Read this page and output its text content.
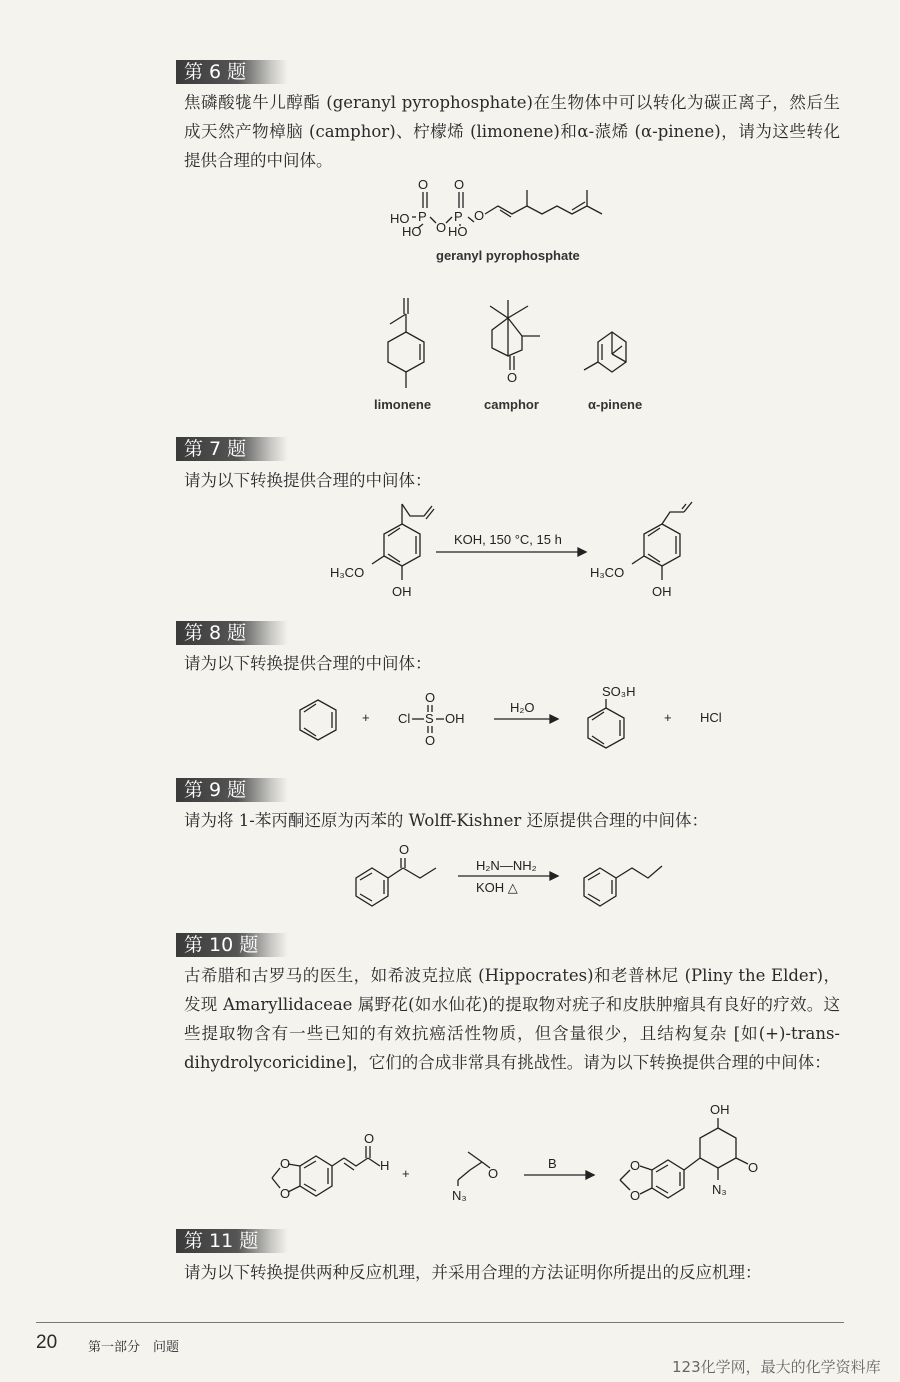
第 6 题
焦磷酸牻牛儿醇酯 (geranyl pyrophosphate)在生物体中可以转化为碳正离子，然后生成天然产物樟脑 (camphor)、柠檬烯 (limonene)和α-蒎烯 (α-pinene)，请为这些转化提供合理的中间体。
O
P
HO
HO O
O
P
HO
O
geranyl pyrophosphate
limonene
O
camphor	α-pinene
第 7 题
请为以下转换提供合理的中间体：
H₃CO
OH
KOH, 150 °C, 15 h
H₃CO
OH
第 8 题
请为以下转换提供合理的中间体：
+
O
Cl S OH
O
H₂O
SO₃H
+ HCl
第 9 题
请为将 1-苯丙酮还原为丙苯的 Wolff-Kishner 还原提供合理的中间体：
O
H₂N—NH₂
KOH △
第 10 题
古希腊和古罗马的医生，如希波克拉底 (Hippocrates)和老普林尼 (Pliny the Elder)，发现 Amaryllidaceae 属野花(如水仙花)的提取物对疣子和皮肤肿瘤具有良好的疗效。这些提取物含有一些已知的有效抗癌活性物质，但含量很少，且结构复杂 [如(+)-trans-dihydrolycoricidine]，它们的合成非常具有挑战性。请为以下转换提供合理的中间体：
O
H
O
O
+	O
N₃
B
OH
O
N₃
O
O
第 11 题
请为以下转换提供两种反应机理，并采用合理的方法证明你所提出的反应机理：
20 第一部分　问题
123化学网，最大的化学资料库
